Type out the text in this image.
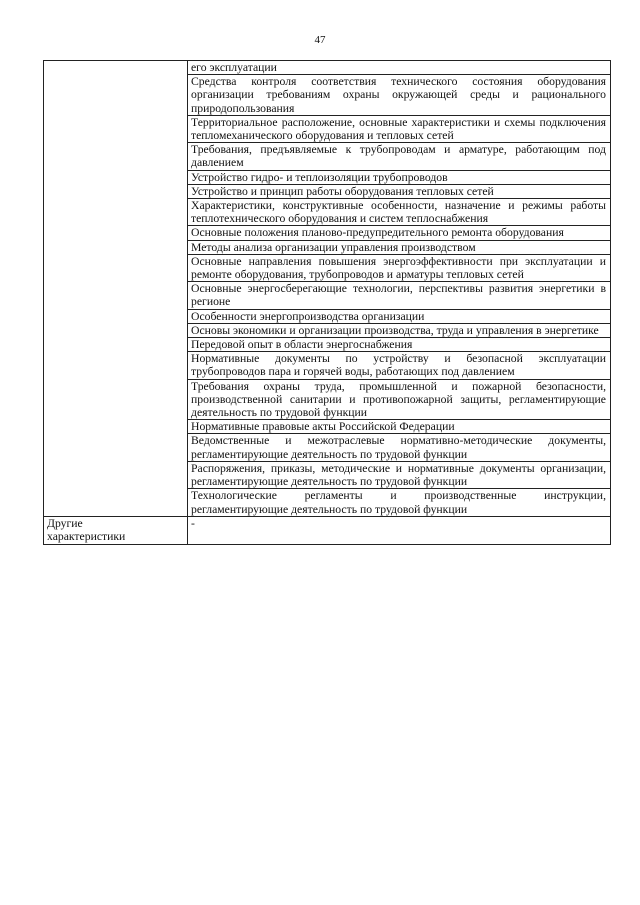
47

	его эксплуатации

	Средства контроля соответствия технического состояния оборудования организации требованиям охраны окружающей среды и рационального природопользования

	Территориальное расположение, основные характеристики и схемы подключения тепломеханического оборудования и тепловых сетей

	Требования, предъявляемые к трубопроводам и арматуре, работающим под давлением

	Устройство гидро- и теплоизоляции трубопроводов

	Устройство и принцип работы оборудования тепловых сетей

	Характеристики, конструктивные особенности, назначение и режимы работы теплотехнического оборудования и систем теплоснабжения

	Основные положения планово-предупредительного ремонта оборудования

	Методы анализа организации управления производством

	Основные направления повышения энергоэффективности при эксплуатации и ремонте оборудования, трубопроводов и арматуры тепловых сетей

	Основные энергосберегающие технологии, перспективы развития энергетики в регионе

	Особенности энергопроизводства организации

	Основы экономики и организации производства, труда и управления в энергетике

	Передовой опыт в области энергоснабжения

	Нормативные документы по устройству и безопасной эксплуатации трубопроводов пара и горячей воды, работающих под давлением

	Требования охраны труда, промышленной и пожарной безопасности, производственной санитарии и противопожарной защиты, регламентирующие деятельность по трудовой функции

	Нормативные правовые акты Российской Федерации

	Ведомственные и межотраслевые нормативно-методические документы, регламентирующие деятельность по трудовой функции

	Распоряжения, приказы, методические и нормативные документы организации, регламентирующие деятельность по трудовой функции

	Технологические регламенты и производственные инструкции, регламентирующие деятельность по трудовой функции

Другие
характеристики	-
